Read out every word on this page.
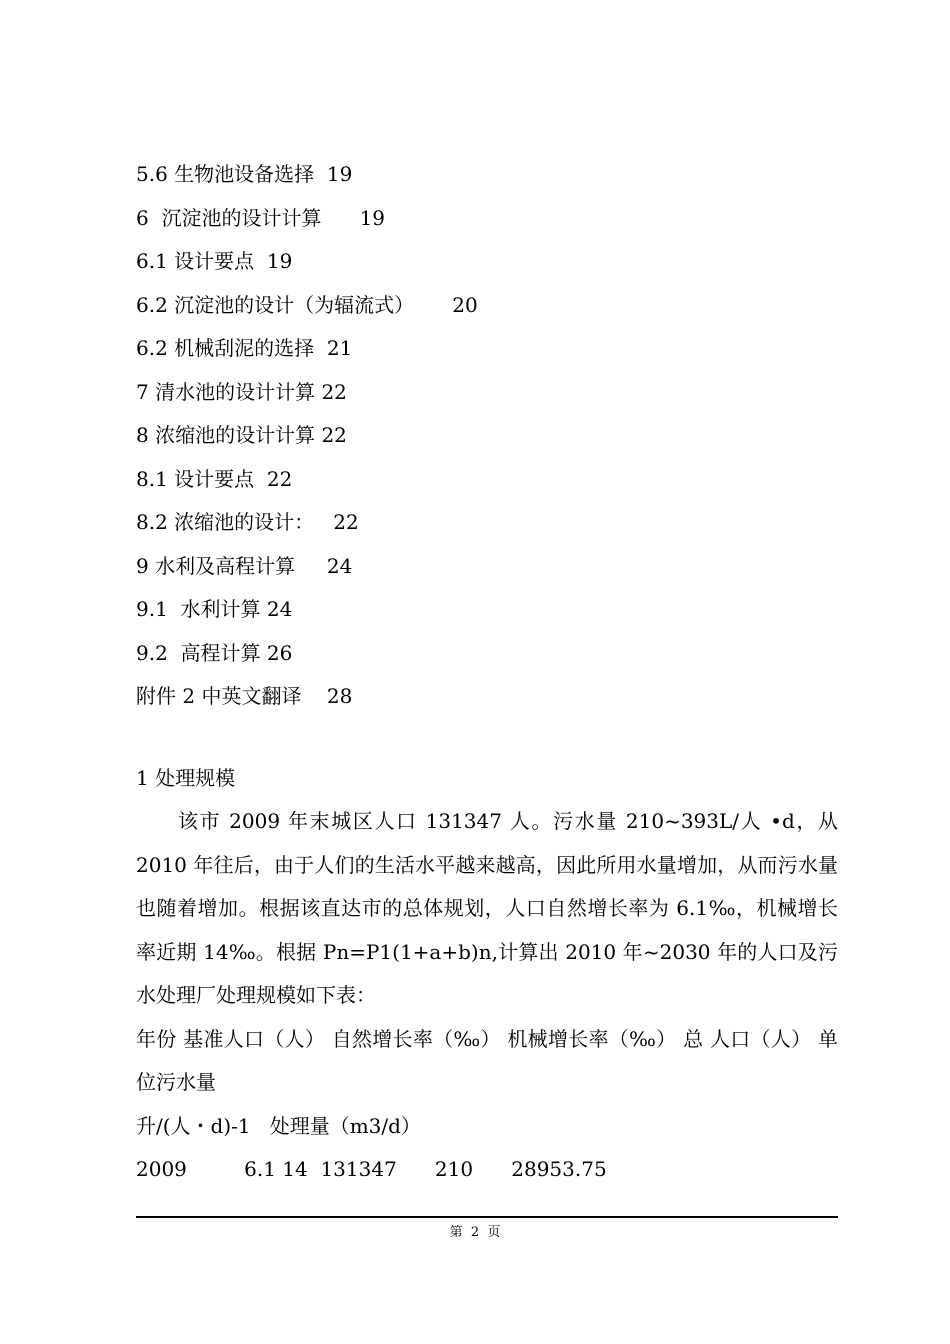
5.6 生物池设备选择  19
6  沉淀池的设计计算      19
6.1 设计要点  19
6.2 沉淀池的设计（为辐流式）      20
6.2 机械刮泥的选择  21
7 清水池的设计计算 22
8 浓缩池的设计计算 22
8.1 设计要点  22
8.2 浓缩池的设计：   22
9 水利及高程计算     24
9.1  水利计算 24
9.2  高程计算 26
附件 2 中英文翻译    28
1 处理规模

该市 2009 年末城区人口 131347 人。污水量 210~393L/人 •d，从 2010 年往后，由于人们的生活水平越来越高，因此所用水量增加，从而污水量也随着增加。根据该直达市的总体规划，人口自然增长率为 6.1‰，机械增长率近期 14‰。根据 Pn=P1(1+a+b)n,计算出 2010 年~2030 年的人口及污水处理厂处理规模如下表：

年份 基准人口（人） 自然增长率（‰） 机械增长率（‰） 总 人口（人） 单位污水量

升/(人・d)-1   处理量（m3/d）
2009         6.1 14  131347      210      28953.75
第  2  页
